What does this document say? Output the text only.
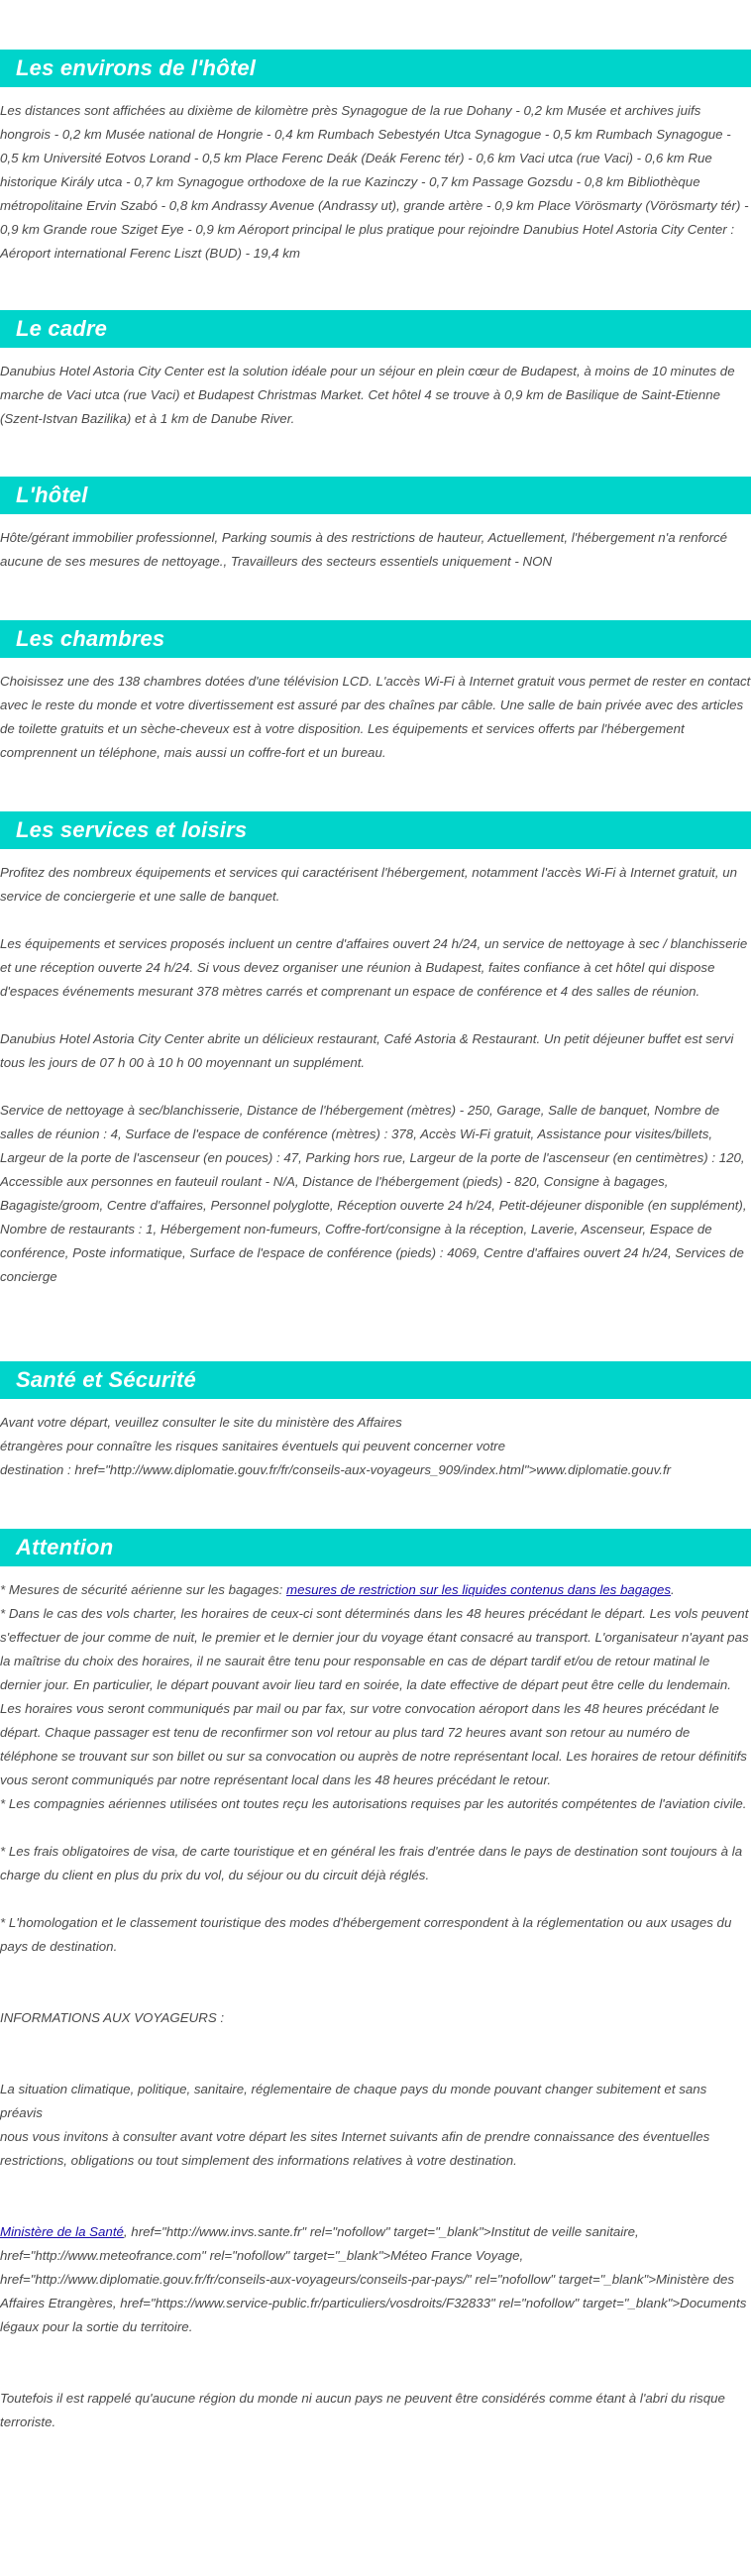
Les environs de l'hôtel

Les distances sont affichées au dixième de kilomètre près Synagogue de la rue Dohany - 0,2 km Musée et archives juifs hongrois - 0,2 km Musée national de Hongrie - 0,4 km Rumbach Sebestyén Utca Synagogue - 0,5 km Rumbach Synagogue - 0,5 km Université Eotvos Lorand - 0,5 km Place Ferenc Deák (Deák Ferenc tér) - 0,6 km Vaci utca (rue Vaci) - 0,6 km Rue historique Király utca - 0,7 km Synagogue orthodoxe de la rue Kazinczy - 0,7 km Passage Gozsdu - 0,8 km Bibliothèque métropolitaine Ervin Szabó - 0,8 km Andrassy Avenue (Andrassy ut), grande artère - 0,9 km Place Vörösmarty (Vörösmarty tér) - 0,9 km Grande roue Sziget Eye - 0,9 km Aéroport principal le plus pratique pour rejoindre Danubius Hotel Astoria City Center : Aéroport international Ferenc Liszt (BUD) - 19,4 km

Le cadre

Danubius Hotel Astoria City Center est la solution idéale pour un séjour en plein cœur de Budapest, à moins de 10 minutes de marche de Vaci utca (rue Vaci) et Budapest Christmas Market. Cet hôtel 4 se trouve à 0,9 km de Basilique de Saint-Etienne (Szent-Istvan Bazilika) et à 1 km de Danube River.

L'hôtel

Hôte/gérant immobilier professionnel, Parking soumis à des restrictions de hauteur, Actuellement, l'hébergement n'a renforcé aucune de ses mesures de nettoyage., Travailleurs des secteurs essentiels uniquement - NON

Les chambres

Choisissez une des 138 chambres dotées d'une télévision LCD. L'accès Wi-Fi à Internet gratuit vous permet de rester en contact avec le reste du monde et votre divertissement est assuré par des chaînes par câble. Une salle de bain privée avec des articles de toilette gratuits et un sèche-cheveux est à votre disposition. Les équipements et services offerts par l'hébergement comprennent un téléphone, mais aussi un coffre-fort et un bureau.

Les services et loisirs

Profitez des nombreux équipements et services qui caractérisent l'hébergement, notamment l'accès Wi-Fi à Internet gratuit, un service de conciergerie et une salle de banquet.

Les équipements et services proposés incluent un centre d'affaires ouvert 24 h/24, un service de nettoyage à sec / blanchisserie et une réception ouverte 24 h/24. Si vous devez organiser une réunion à Budapest, faites confiance à cet hôtel qui dispose d'espaces événements mesurant 378 mètres carrés et comprenant un espace de conférence et 4 des salles de réunion.

Danubius Hotel Astoria City Center abrite un délicieux restaurant, Café Astoria & Restaurant. Un petit déjeuner buffet est servi tous les jours de 07 h 00 à 10 h 00 moyennant un supplément.

Service de nettoyage à sec/blanchisserie, Distance de l'hébergement (mètres) - 250, Garage, Salle de banquet, Nombre de salles de réunion : 4, Surface de l'espace de conférence (mètres) : 378, Accès Wi-Fi gratuit, Assistance pour visites/billets, Largeur de la porte de l'ascenseur (en pouces) : 47, Parking hors rue, Largeur de la porte de l'ascenseur (en centimètres) : 120, Accessible aux personnes en fauteuil roulant - N/A, Distance de l'hébergement (pieds) - 820, Consigne à bagages, Bagagiste/groom, Centre d'affaires, Personnel polyglotte, Réception ouverte 24 h/24, Petit-déjeuner disponible (en supplément), Nombre de restaurants : 1, Hébergement non-fumeurs, Coffre-fort/consigne à la réception, Laverie, Ascenseur, Espace de conférence, Poste informatique, Surface de l'espace de conférence (pieds) : 4069, Centre d'affaires ouvert 24 h/24, Services de concierge

Santé et Sécurité

Avant votre départ, veuillez consulter le site du ministère des Affaires

étrangères pour connaître les risques sanitaires éventuels qui peuvent concerner votre

destination : href="http://www.diplomatie.gouv.fr/fr/conseils-aux-voyageurs_909/index.html">www.diplomatie.gouv.fr

Attention

* Mesures de sécurité aérienne sur les bagages: mesures de restriction sur les liquides contenus dans les bagages.

* Dans le cas des vols charter, les horaires de ceux-ci sont déterminés dans les 48 heures précédant le départ. Les vols peuvent s'effectuer de jour comme de nuit, le premier et le dernier jour du voyage étant consacré au transport. L'organisateur n'ayant pas la maîtrise du choix des horaires, il ne saurait être tenu pour responsable en cas de départ tardif et/ou de retour matinal le dernier jour. En particulier, le départ pouvant avoir lieu tard en soirée, la date effective de départ peut être celle du lendemain. Les horaires vous seront communiqués par mail ou par fax, sur votre convocation aéroport dans les 48 heures précédant le départ. Chaque passager est tenu de reconfirmer son vol retour au plus tard 72 heures avant son retour au numéro de téléphone se trouvant sur son billet ou sur sa convocation ou auprès de notre représentant local. Les horaires de retour définitifs vous seront communiqués par notre représentant local dans les 48 heures précédant le retour.

* Les compagnies aériennes utilisées ont toutes reçu les autorisations requises par les autorités compétentes de l'aviation civile.

* Les frais obligatoires de visa, de carte touristique et en général les frais d'entrée dans le pays de destination sont toujours à la charge du client en plus du prix du vol, du séjour ou du circuit déjà réglés.

* L'homologation et le classement touristique des modes d'hébergement correspondent à la réglementation ou aux usages du pays de destination.

INFORMATIONS AUX VOYAGEURS :

La situation climatique, politique, sanitaire, réglementaire de chaque pays du monde pouvant changer subitement et sans préavis

nous vous invitons à consulter avant votre départ les sites Internet suivants afin de prendre connaissance des éventuelles restrictions, obligations ou tout simplement des informations relatives à votre destination.

Ministère de la Santé, href="http://www.invs.sante.fr" rel="nofollow" target="_blank">Institut de veille sanitaire, href="http://www.meteofrance.com" rel="nofollow" target="_blank">Méteo France Voyage, href="http://www.diplomatie.gouv.fr/fr/conseils-aux-voyageurs/conseils-par-pays/" rel="nofollow" target="_blank">Ministère des Affaires Etrangères, href="https://www.service-public.fr/particuliers/vosdroits/F32833" rel="nofollow" target="_blank">Documents légaux pour la sortie du territoire.

Toutefois il est rappelé qu'aucune région du monde ni aucun pays ne peuvent être considérés comme étant à l'abri du risque terroriste.
